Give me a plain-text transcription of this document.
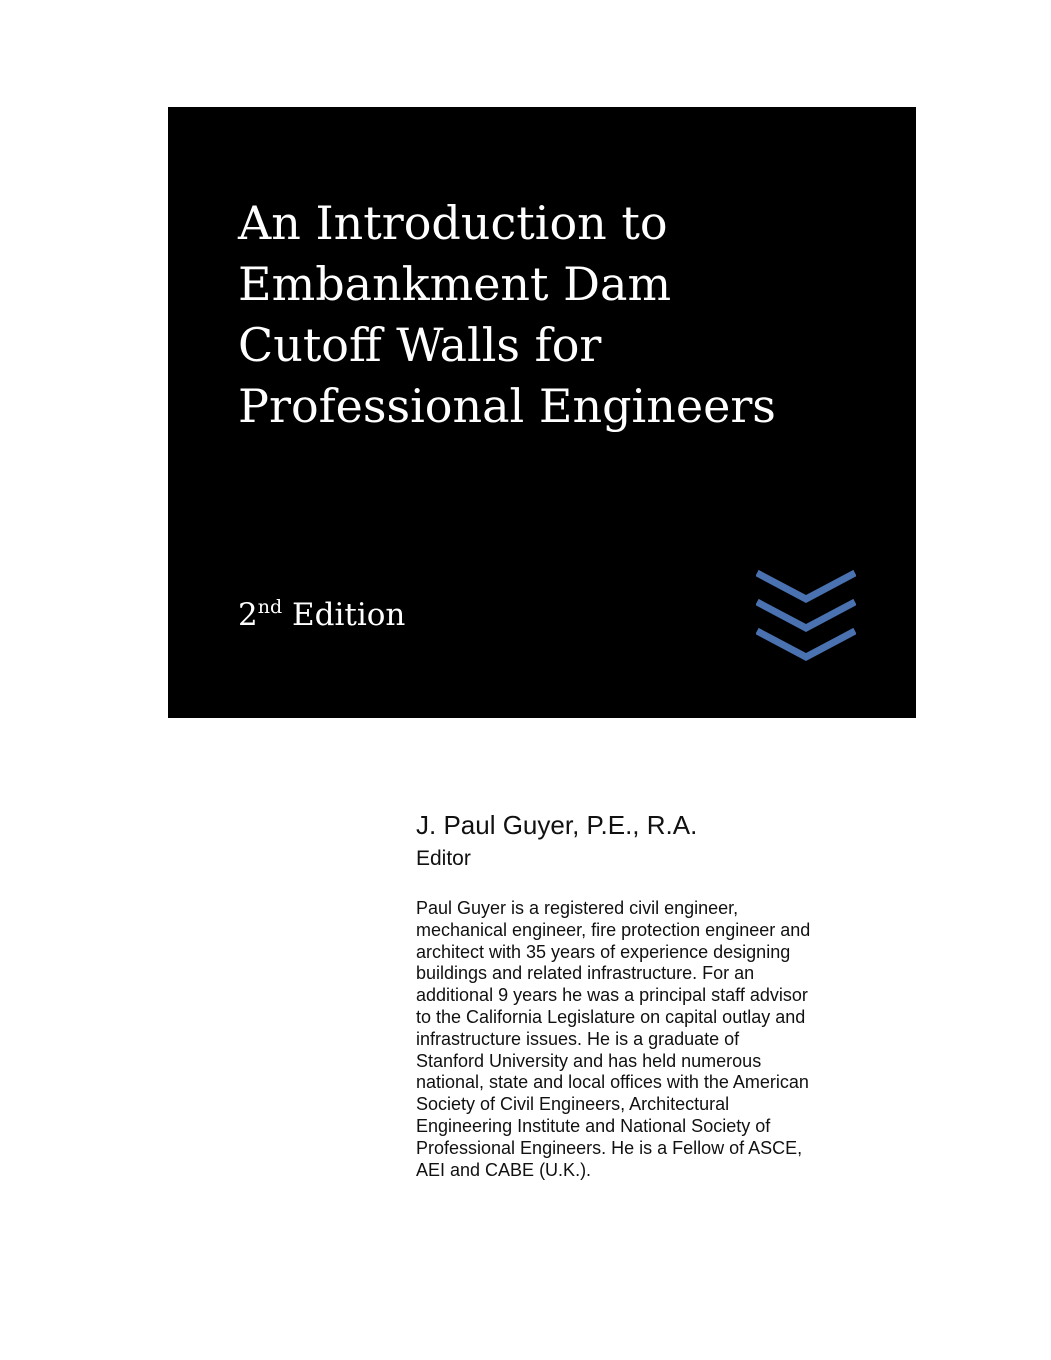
An Introduction to
Embankment Dam
Cutoff Walls for
Professional Engineers
2nd Edition
J. Paul Guyer, P.E., R.A.
Editor
Paul Guyer is a registered civil engineer,
mechanical engineer, fire protection engineer and
architect with 35 years of experience designing
buildings and related infrastructure. For an
additional 9 years he was a principal staff advisor
to the California Legislature on capital outlay and
infrastructure issues. He is a graduate of
Stanford University and has held numerous
national, state and local offices with the American
Society of Civil Engineers, Architectural
Engineering Institute and National Society of
Professional Engineers. He is a Fellow of ASCE,
AEI and CABE (U.K.).
